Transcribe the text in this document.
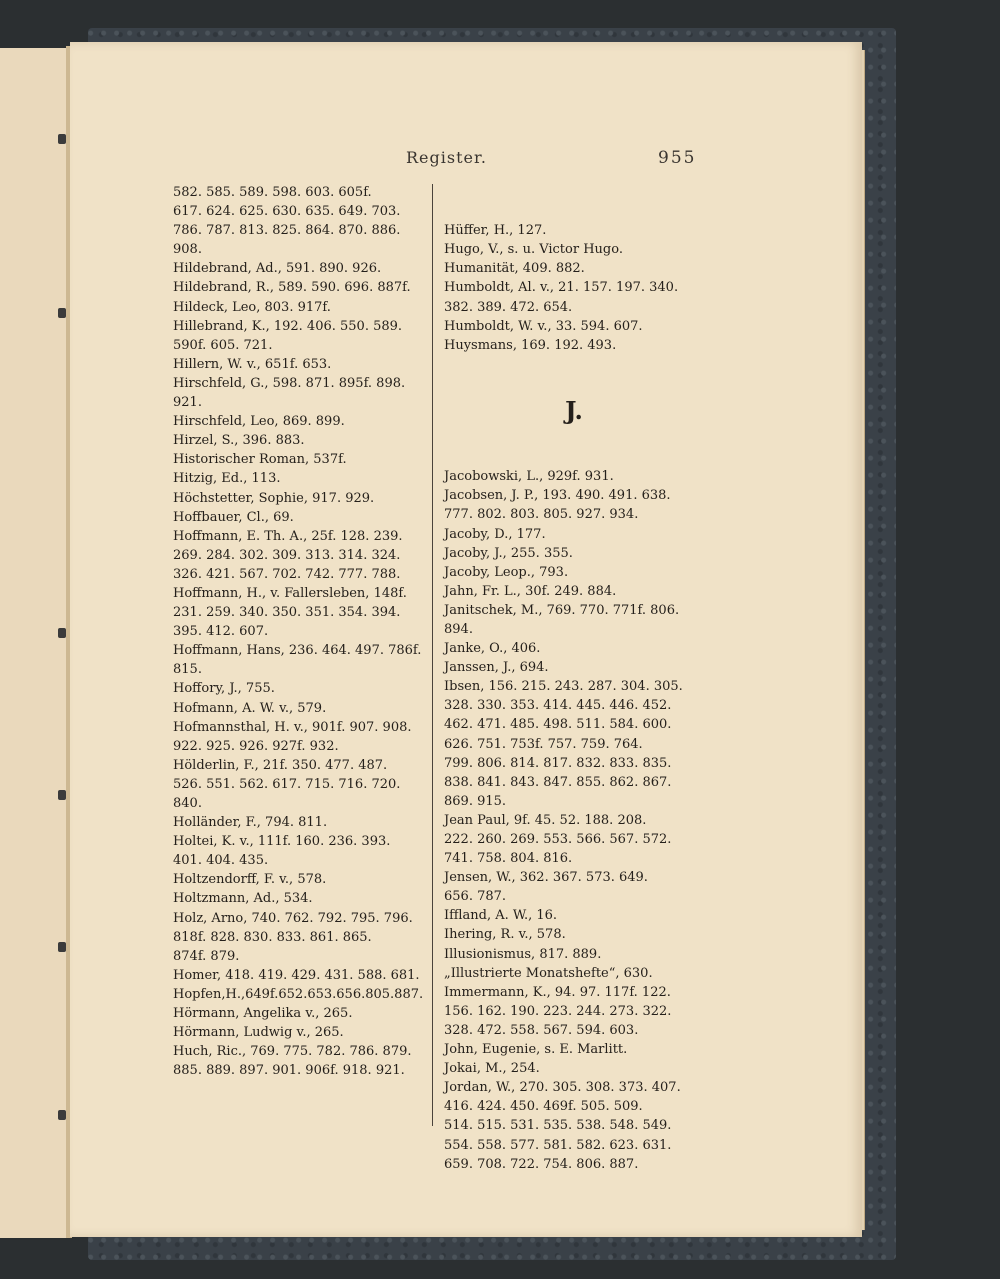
Register.	955
582. 585. 589. 598. 603. 605f.
617. 624. 625. 630. 635. 649. 703.
786. 787. 813. 825. 864. 870. 886.
908.
Hildebrand, Ad., 591. 890. 926.
Hildebrand, R., 589. 590. 696. 887f.
Hildeck, Leo, 803. 917f.
Hillebrand, K., 192. 406. 550. 589.
590f. 605. 721.
Hillern, W. v., 651f. 653.
Hirschfeld, G., 598. 871. 895f. 898.
921.
Hirschfeld, Leo, 869. 899.
Hirzel, S., 396. 883.
Historischer Roman, 537f.
Hitzig, Ed., 113.
Höchstetter, Sophie, 917. 929.
Hoffbauer, Cl., 69.
Hoffmann, E. Th. A., 25f. 128. 239.
269. 284. 302. 309. 313. 314. 324.
326. 421. 567. 702. 742. 777. 788.
Hoffmann, H., v. Fallersleben, 148f.
231. 259. 340. 350. 351. 354. 394.
395. 412. 607.
Hoffmann, Hans, 236. 464. 497. 786f.
815.
Hoffory, J., 755.
Hofmann, A. W. v., 579.
Hofmannsthal, H. v., 901f. 907. 908.
922. 925. 926. 927f. 932.
Hölderlin, F., 21f. 350. 477. 487.
526. 551. 562. 617. 715. 716. 720.
840.
Holländer, F., 794. 811.
Holtei, K. v., 111f. 160. 236. 393.
401. 404. 435.
Holtzendorff, F. v., 578.
Holtzmann, Ad., 534.
Holz, Arno, 740. 762. 792. 795. 796.
818f. 828. 830. 833. 861. 865.
874f. 879.
Homer, 418. 419. 429. 431. 588. 681.
Hopfen,H.,649f.652.653.656.805.887.
Hörmann, Angelika v., 265.
Hörmann, Ludwig v., 265.
Huch, Ric., 769. 775. 782. 786. 879.
885. 889. 897. 901. 906f. 918. 921.

Hüffer, H., 127.
Hugo, V., s. u. Victor Hugo.
Humanität, 409. 882.
Humboldt, Al. v., 21. 157. 197. 340.
382. 389. 472. 654.
Humboldt, W. v., 33. 594. 607.
Huysmans, 169. 192. 493.

J.

Jacobowski, L., 929f. 931.
Jacobsen, J. P., 193. 490. 491. 638.
777. 802. 803. 805. 927. 934.
Jacoby, D., 177.
Jacoby, J., 255. 355.
Jacoby, Leop., 793.
Jahn, Fr. L., 30f. 249. 884.
Janitschek, M., 769. 770. 771f. 806.
894.
Janke, O., 406.
Janssen, J., 694.
Ibsen, 156. 215. 243. 287. 304. 305.
328. 330. 353. 414. 445. 446. 452.
462. 471. 485. 498. 511. 584. 600.
626. 751. 753f. 757. 759. 764.
799. 806. 814. 817. 832. 833. 835.
838. 841. 843. 847. 855. 862. 867.
869. 915.
Jean Paul, 9f. 45. 52. 188. 208.
222. 260. 269. 553. 566. 567. 572.
741. 758. 804. 816.
Jensen, W., 362. 367. 573. 649.
656. 787.
Iffland, A. W., 16.
Ihering, R. v., 578.
Illusionismus, 817. 889.
„Illustrierte Monatshefte“, 630.
Immermann, K., 94. 97. 117f. 122.
156. 162. 190. 223. 244. 273. 322.
328. 472. 558. 567. 594. 603.
John, Eugenie, s. E. Marlitt.
Jokai, M., 254.
Jordan, W., 270. 305. 308. 373. 407.
416. 424. 450. 469f. 505. 509.
514. 515. 531. 535. 538. 548. 549.
554. 558. 577. 581. 582. 623. 631.
659. 708. 722. 754. 806. 887.
